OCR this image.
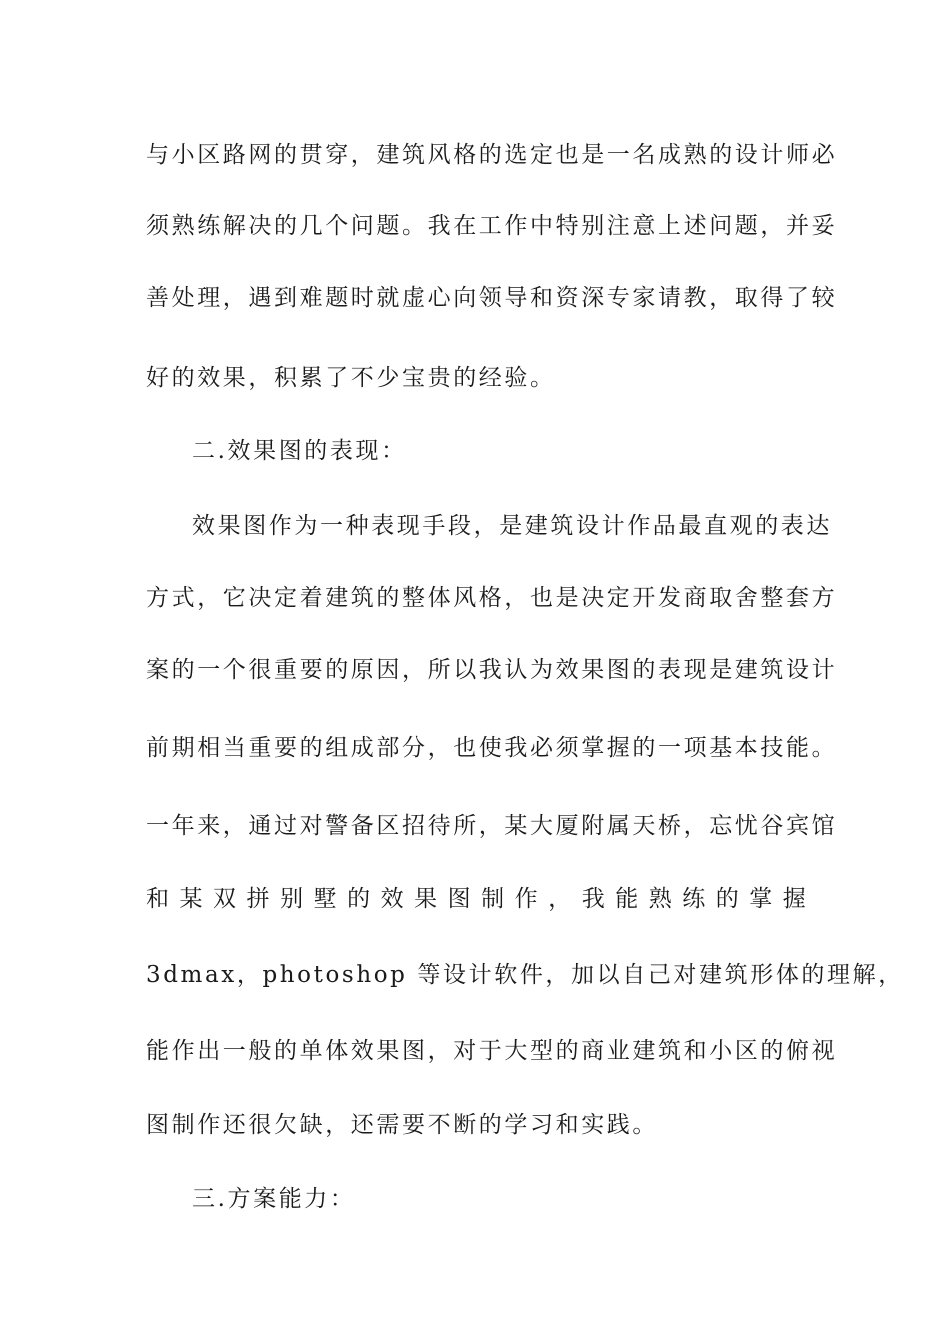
与小区路网的贯穿，建筑风格的选定也是一名成熟的设计师必
须熟练解决的几个问题。我在工作中特别注意上述问题，并妥
善处理，遇到难题时就虚心向领导和资深专家请教，取得了较
好的效果，积累了不少宝贵的经验。
二.效果图的表现：
效果图作为一种表现手段，是建筑设计作品最直观的表达
方式，它决定着建筑的整体风格，也是决定开发商取舍整套方
案的一个很重要的原因，所以我认为效果图的表现是建筑设计
前期相当重要的组成部分，也使我必须掌握的一项基本技能。
一年来，通过对警备区招待所，某大厦附属天桥，忘忧谷宾馆
和 某 双 拼 别 墅 的 效 果 图 制 作 ， 我 能 熟 练 的 掌 握
3dmax，photoshop 等设计软件，加以自己对建筑形体的理解，
能作出一般的单体效果图，对于大型的商业建筑和小区的俯视
图制作还很欠缺，还需要不断的学习和实践。
三.方案能力：
